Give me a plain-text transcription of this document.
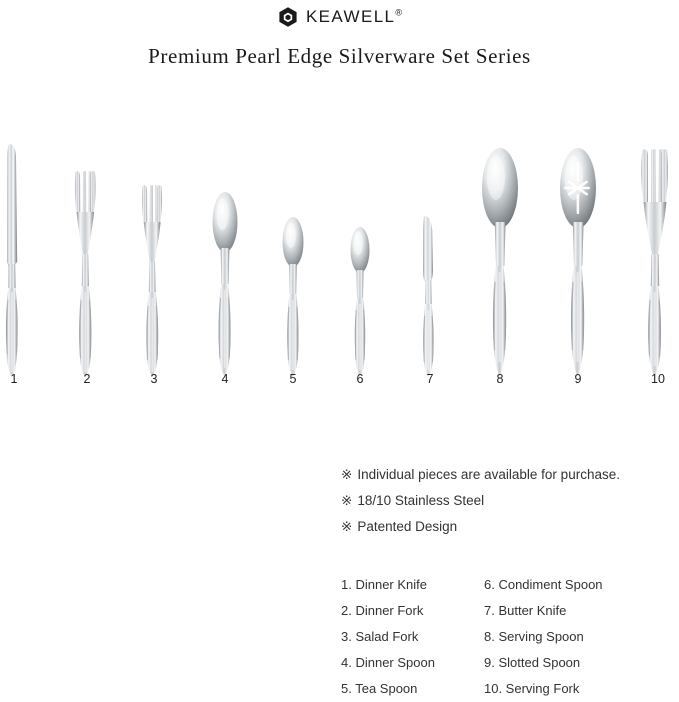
KEAWELL®
Premium Pearl Edge Silverware Set Series
1	2	3	4	5	6	7	8	9	10
※ Individual pieces are available for purchase.
※ 18/10 Stainless Steel
※ Patented Design
1. Dinner Knife
2. Dinner Fork
3. Salad Fork
4. Dinner Spoon
5. Tea Spoon
6. Condiment Spoon
7. Butter Knife
8. Serving Spoon
9. Slotted Spoon
10. Serving Fork
